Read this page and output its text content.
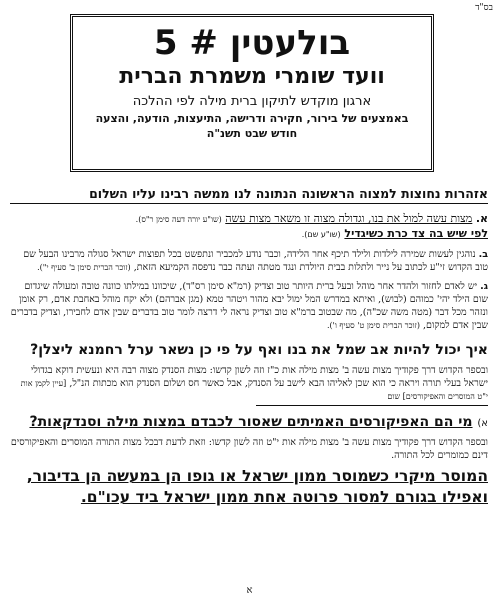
בס"ד
בולעטין # 5
וועד שומרי משמרת הברית
ארגון מוקדש לתיקון ברית מילה לפי ההלכה
באמצעים של בירור, חקירה ודרישה, התיעצות, הודעה, והצעה
חודש שבט תשנ"ה
אזהרות נחוצות למצוה הראשונה הנתונה לנו ממשה רבינו עליו השלום
א. מצות עשה למול את בנו, וגדולה מצוה זו משאר מצות עשה (שו"ע יורה דעה סימן ר"ס).
לפי שיש בה צד כרת כשיגדיל (שו"ע שם).
ב. נוהגין לעשות שמירה לילדות ולילד תיכף אחר הלידה, וכבר נודע למכביר ונתפשט בכל תפוצות ישראל סגולה מרבינו הבעל שם טוב הקדוש זי"ע לכתוב על נייר ולתלות בבית היולדת ונגד מטתה ועתה כבר נדפסה הקמיעא הזאת, (זוכר הברית סימן ב' סעיף י").
ג. יש לאדם לחזור ולהדר אחר מוהל ובעל ברית היותר טוב וצדיק (רמ"א סימן רס"ד), שיכוונו במילתו כוונה טובה ומעולה שיגדום שום הילד יהי' כמוהם (לבוש), ואיתא במדרש המל ימול יבא מהור ויטהר טמא (מגן אברהם) ולא יקח מוהל באחבת אדם, רק אומן ונזהר מכל דבר (מטה משה שכ"ה), מה שבטוב ברמ"א טוב וצדיק נראה לי דרצה לומר טוב בדברים שבין אדם לחבירו, וצדיק בדברים שבין אדם למקום, (זוכר הברית סימן ט' סעיף ו').
איך יכול להיות אב שמל את בנו ואף על פי כן נשאר ערל רחמנא ליצלן?
ובספר הקדוש דרך פקודיך מצות עשה ב' מצות מילה אות כ"ז וזה לשון קדשו: מצות הסנדק מצוה רבה היא ונעשית דוקא בגדולי ישראל בעלי תורה ויראה כי הוא שכן לאליהו הבא לישב על הסנדק, אבל כאשר חס ושלום הסנדק הוא מכתות הנ"ל, [עיין לקמן אות י"ט המוסרים והאפיקורסים] שום
א) מי הם האפיקורסים האמיתים שאסור לכבדם במצות מילה וסנדקאות?
ובספר הקדוש דרך פקודיך מצות עשה ב' מצות מילה אות י"ט וזה לשון קדשו: וזאת לדעת דבכל מצות התורה המוסרים והאפיקורסים דינם כמומרים לכל התורה.
המוסר מיקרי כשמוסר ממון ישראל או גופו הן במעשה הן בדיבור, ואפילו בגורם למסור פרוטה אחת ממון ישראל ביד עכו"ם.
א
